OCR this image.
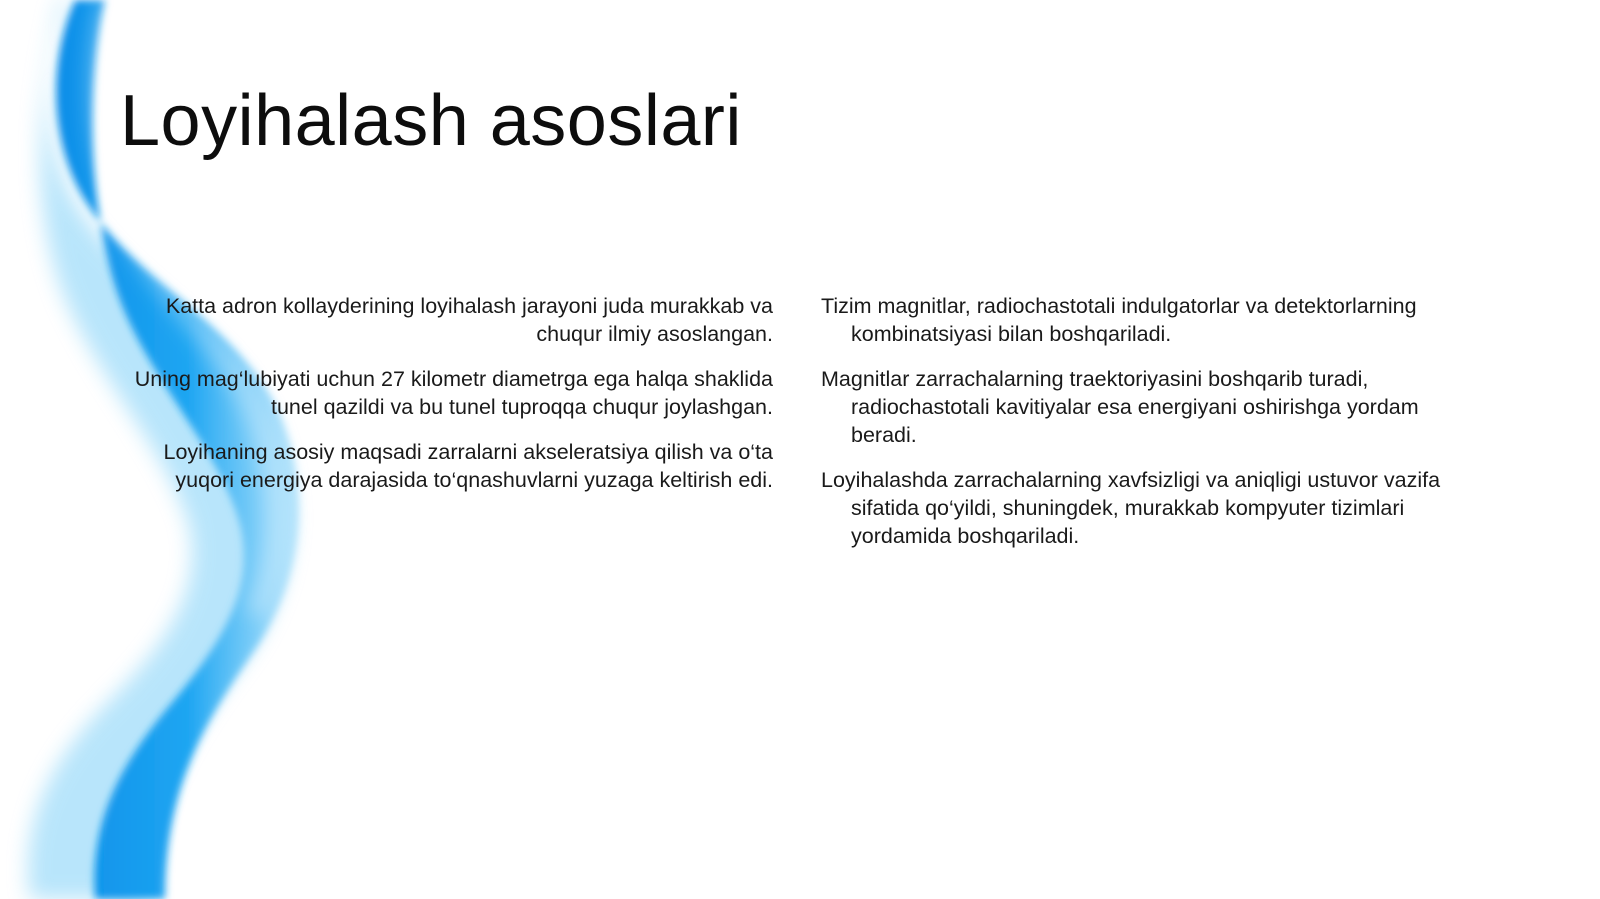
Loyihalash asoslari

Katta adron kollayderining loyihalash jarayoni juda murakkab va chuqur ilmiy asoslangan.

Uning mag‘lubiyati uchun 27 kilometr diametrga ega halqa shaklida tunel qazildi va bu tunel tuproqqa chuqur joylashgan.

Loyihaning asosiy maqsadi zarralarni akseleratsiya qilish va o‘ta yuqori energiya darajasida to‘qnashuvlarni yuzaga keltirish edi.

Tizim magnitlar, radiochastotali indulgatorlar va detektorlarning kombinatsiyasi bilan boshqariladi.

Magnitlar zarrachalarning traektoriyasini boshqarib turadi, radiochastotali kavitiyalar esa energiyani oshirishga yordam beradi.

Loyihalashda zarrachalarning xavfsizligi va aniqligi ustuvor vazifa sifatida qo‘yildi, shuningdek, murakkab kompyuter tizimlari yordamida boshqariladi.
